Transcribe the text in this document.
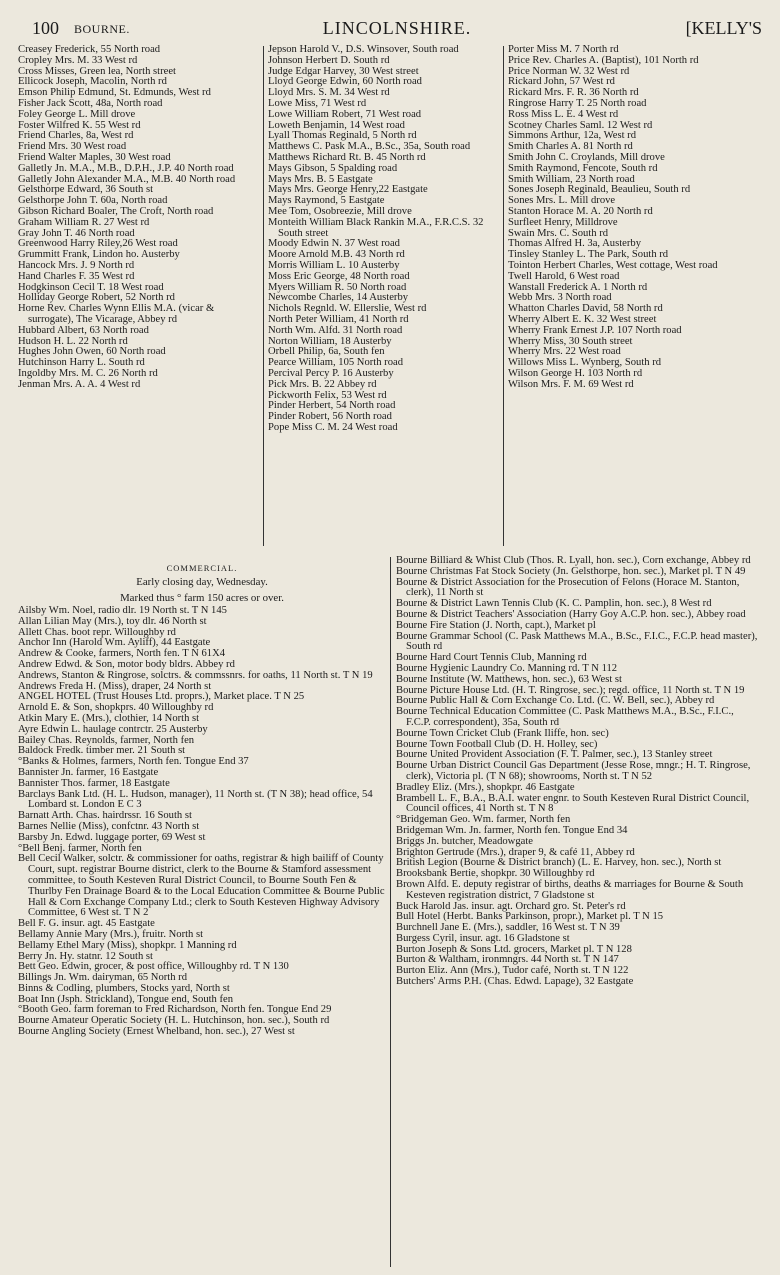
100 BOURNE.	LINCOLNSHIRE.	[KELLY'S
Creasey Frederick, 55 North road
Cropley Mrs. M. 33 West rd
Cross Misses, Green lea, North street
Ellicock Joseph, Macolin, North rd
Emson Philip Edmund, St. Edmunds, West rd
Fisher Jack Scott, 48a, North road
Foley George L. Mill drove
Foster Wilfred K. 55 West rd
Friend Charles, 8a, West rd
Friend Mrs. 30 West road
Friend Walter Maples, 30 West road
Galletly Jn. M.A., M.B., D.P.H., J.P. 40 North road
Galletly John Alexander M.A., M.B. 40 North road
Gelsthorpe Edward, 36 South st
Gelsthorpe John T. 60a, North road
Gibson Richard Boaler, The Croft, North road
Graham William R. 27 West rd
Gray John T. 46 North road
Greenwood Harry Riley,26 West road
Grummitt Frank, Lindon ho. Austerby
Hancock Mrs. J. 9 North rd
Hand Charles F. 35 West rd
Hodgkinson Cecil T. 18 West road
Holliday George Robert, 52 North rd
Horne Rev. Charles Wynn Ellis M.A. (vicar & surrogate), The Vicarage, Abbey rd
Hubbard Albert, 63 North road
Hudson H. L. 22 North rd
Hughes John Owen, 60 North road
Hutchinson Harry L. South rd
Ingoldby Mrs. M. C. 26 North rd
Jenman Mrs. A. A. 4 West rd
Jepson Harold V., D.S. Winsover, South road
Johnson Herbert D. South rd
Judge Edgar Harvey, 30 West street
Lloyd George Edwin, 60 North road
Lloyd Mrs. S. M. 34 West rd
Lowe Miss, 71 West rd
Lowe William Robert, 71 West road
Loweth Benjamin, 14 West road
Lyall Thomas Reginald, 5 North rd
Matthews C. Pask M.A., B.Sc., 35a, South road
Matthews Richard Rt. B. 45 North rd
Mays Gibson, 5 Spalding road
Mays Mrs. B. 5 Eastgate
Mays Mrs. George Henry,22 Eastgate
Mays Raymond, 5 Eastgate
Mee Tom, Osobreezie, Mill drove
Monteith William Black Rankin M.A., F.R.C.S. 32 South street
Moody Edwin N. 37 West road
Moore Arnold M.B. 43 North rd
Morris William L. 10 Austerby
Moss Eric George, 48 North road
Myers William R. 50 North road
Newcombe Charles, 14 Austerby
Nichols Regnld. W. Ellerslie, West rd
North Peter William, 41 North rd
North Wm. Alfd. 31 North road
Norton William, 18 Austerby
Orbell Philip, 6a, South fen
Pearce William, 105 North road
Percival Percy P. 16 Austerby
Pick Mrs. B. 22 Abbey rd
Pickworth Felix, 53 West rd
Pinder Herbert, 54 North road
Pinder Robert, 56 North road
Pope Miss C. M. 24 West road
Porter Miss M. 7 North rd
Price Rev. Charles A. (Baptist), 101 North rd
Price Norman W. 32 West rd
Rickard John, 57 West rd
Rickard Mrs. F. R. 36 North rd
Ringrose Harry T. 25 North road
Ross Miss L. E. 4 West rd
Scotney Charles Saml. 12 West rd
Simmons Arthur, 12a, West rd
Smith Charles A. 81 North rd
Smith John C. Croylands, Mill drove
Smith Raymond, Fencote, South rd
Smith William, 23 North road
Sones Joseph Reginald, Beaulieu, South rd
Sones Mrs. L. Mill drove
Stanton Horace M. A. 20 North rd
Surfleet Henry, Milldrove
Swain Mrs. C. South rd
Thomas Alfred H. 3a, Austerby
Tinsley Stanley L. The Park, South rd
Tointon Herbert Charles, West cottage, West road
Twell Harold, 6 West road
Wanstall Frederick A. 1 North rd
Webb Mrs. 3 North road
Whatton Charles David, 58 North rd
Wherry Albert E. K. 32 West street
Wherry Frank Ernest J.P. 107 North road
Wherry Miss, 30 South street
Wherry Mrs. 22 West road
Willows Miss L. Wynberg, South rd
Wilson George H. 103 North rd
Wilson Mrs. F. M. 69 West rd
COMMERCIAL.
Early closing day, Wednesday.
Marked thus ° farm 150 acres or over.
Ailsby Wm. Noel, radio dlr. 19 North st. T N 145
Allan Lilian May (Mrs.), toy dlr. 46 North st
Allett Chas. boot repr. Willoughby rd
Anchor Inn (Harold Wm. Ayliff), 44 Eastgate
Andrew & Cooke, farmers, North fen. T N 61X4
Andrew Edwd. & Son, motor body bldrs. Abbey rd
Andrews, Stanton & Ringrose, solctrs. & commssnrs. for oaths, 11 North st. T N 19
Andrews Freda H. (Miss), draper, 24 North st
ANGEL HOTEL (Trust Houses Ltd. proprs.), Market place. T N 25
Arnold E. & Son, shopkprs. 40 Willoughby rd
Atkin Mary E. (Mrs.), clothier, 14 North st
Ayre Edwin L. haulage contrctr. 25 Austerby
Bailey Chas. Reynolds, farmer, North fen
Baldock Fredk. timber mer. 21 South st
°Banks & Holmes, farmers, North fen. Tongue End 37
Bannister Jn. farmer, 16 Eastgate
Bannister Thos. farmer, 18 Eastgate
Barclays Bank Ltd. (H. L. Hudson, manager), 11 North st. (T N 38); head office, 54 Lombard st. London E C 3
Barnatt Arth. Chas. hairdrssr. 16 South st
Barnes Nellie (Miss), confctnr. 43 North st
Barsby Jn. Edwd. luggage porter, 69 West st
°Bell Benj. farmer, North fen
Bell Cecil Walker, solctr. & commissioner for oaths, registrar & high bailiff of County Court, supt. registrar Bourne district, clerk to the Bourne & Stamford assessment committee, to South Kesteven Rural District Council, to Bourne South Fen & Thurlby Fen Drainage Board & to the Local Education Committee & Bourne Public Hall & Corn Exchange Company Ltd.; clerk to South Kesteven Highway Advisory Committee, 6 West st. T N 2
Bell F. G. insur. agt. 45 Eastgate
Bellamy Annie Mary (Mrs.), fruitr. North st
Bellamy Ethel Mary (Miss), shopkpr. 1 Manning rd
Berry Jn. Hy. statnr. 12 South st
Bett Geo. Edwin, grocer, & post office, Willoughby rd. T N 130
Billings Jn. Wm. dairyman, 65 North rd
Binns & Codling, plumbers, Stocks yard, North st
Boat Inn (Jsph. Strickland), Tongue end, South fen
°Booth Geo. farm foreman to Fred Richardson, North fen. Tongue End 29
Bourne Amateur Operatic Society (H. L. Hutchinson, hon. sec.), South rd
Bourne Angling Society (Ernest Whelband, hon. sec.), 27 West st
Bourne Billiard & Whist Club (Thos. R. Lyall, hon. sec.), Corn exchange, Abbey rd
Bourne Christmas Fat Stock Society (Jn. Gelsthorpe, hon. sec.), Market pl. T N 49
Bourne & District Association for the Prosecution of Felons (Horace M. Stanton, clerk), 11 North st
Bourne & District Lawn Tennis Club (K. C. Pamplin, hon. sec.), 8 West rd
Bourne & District Teachers' Association (Harry Goy A.C.P. hon. sec.), Abbey road
Bourne Fire Station (J. North, capt.), Market pl
Bourne Grammar School (C. Pask Matthews M.A., B.Sc., F.I.C., F.C.P. head master), South rd
Bourne Hard Court Tennis Club, Manning rd
Bourne Hygienic Laundry Co. Manning rd. T N 112
Bourne Institute (W. Matthews, hon. sec.), 63 West st
Bourne Picture House Ltd. (H. T. Ringrose, sec.); regd. office, 11 North st. T N 19
Bourne Public Hall & Corn Exchange Co. Ltd. (C. W. Bell, sec.), Abbey rd
Bourne Technical Education Committee (C. Pask Matthews M.A., B.Sc., F.I.C., F.C.P. correspondent), 35a, South rd
Bourne Town Cricket Club (Frank Iliffe, hon. sec)
Bourne Town Football Club (D. H. Holley, sec)
Bourne United Provident Association (F. T. Palmer, sec.), 13 Stanley street
Bourne Urban District Council Gas Department (Jesse Rose, mngr.; H. T. Ringrose, clerk), Victoria pl. (T N 68); showrooms, North st. T N 52
Bradley Eliz. (Mrs.), shopkpr. 46 Eastgate
Brambell L. F., B.A., B.A.I. water engnr. to South Kesteven Rural District Council, Council offices, 41 North st. T N 8
°Bridgeman Geo. Wm. farmer, North fen
Bridgeman Wm. Jn. farmer, North fen. Tongue End 34
Briggs Jn. butcher, Meadowgate
Brighton Gertrude (Mrs.), draper 9, & café 11, Abbey rd
British Legion (Bourne & District branch) (L. E. Harvey, hon. sec.), North st
Brooksbank Bertie, shopkpr. 30 Willoughby rd
Brown Alfd. E. deputy registrar of births, deaths & marriages for Bourne & South Kesteven registration district, 7 Gladstone st
Buck Harold Jas. insur. agt. Orchard gro. St. Peter's rd
Bull Hotel (Herbt. Banks Parkinson, propr.), Market pl. T N 15
Burchnell Jane E. (Mrs.), saddler, 16 West st. T N 39
Burgess Cyril, insur. agt. 16 Gladstone st
Burton Joseph & Sons Ltd. grocers, Market pl. T N 128
Burton & Waltham, ironmngrs. 44 North st. T N 147
Burton Eliz. Ann (Mrs.), Tudor café, North st. T N 122
Butchers' Arms P.H. (Chas. Edwd. Lapage), 32 Eastgate
